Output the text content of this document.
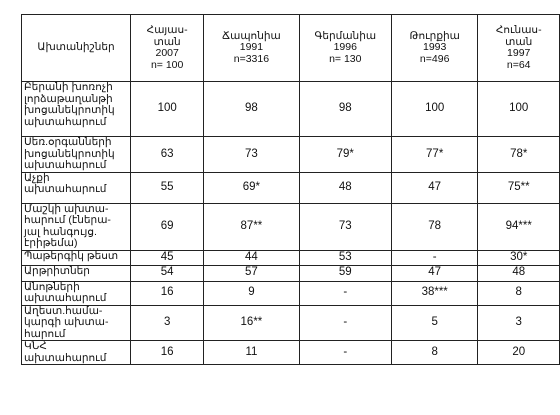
Ախտանիշներ	Հայաս-
տան
2007
n= 100	Ճապոնիա
1991
n=3316	Գերմանիա
1996
n= 130	Թուրքիա
1993
n=496	Հունաս-
տան
1997
n=64

Բերանի խոռոչի
լորձաթաղանթի
խոցանեկրոտիկ
ախտահարում	100	98	98	100	100

Սեռ.օրգանների
խոցանեկրոտիկ
ախտահարում	63	73	79*	77*	78*

Աչքի
ախտահարում	55	69*	48	47	75**

Մաշկի ախտա-
հարում (էներա-
յալ հանգույց.
էրիթեմա)	69	87**	73	78	94***

Պաթերգիկ թեստ	45	44	53	-	30*

Արթրիտներ	54	57	59	47	48

Անոթների
ախտահարում	16	9	-	38***	8

Աղեստ.համա-
կարգի ախտա-
հարում	3	16**	-	5	3

ԿՆՀ
ախտահարում	16	11	-	8	20
